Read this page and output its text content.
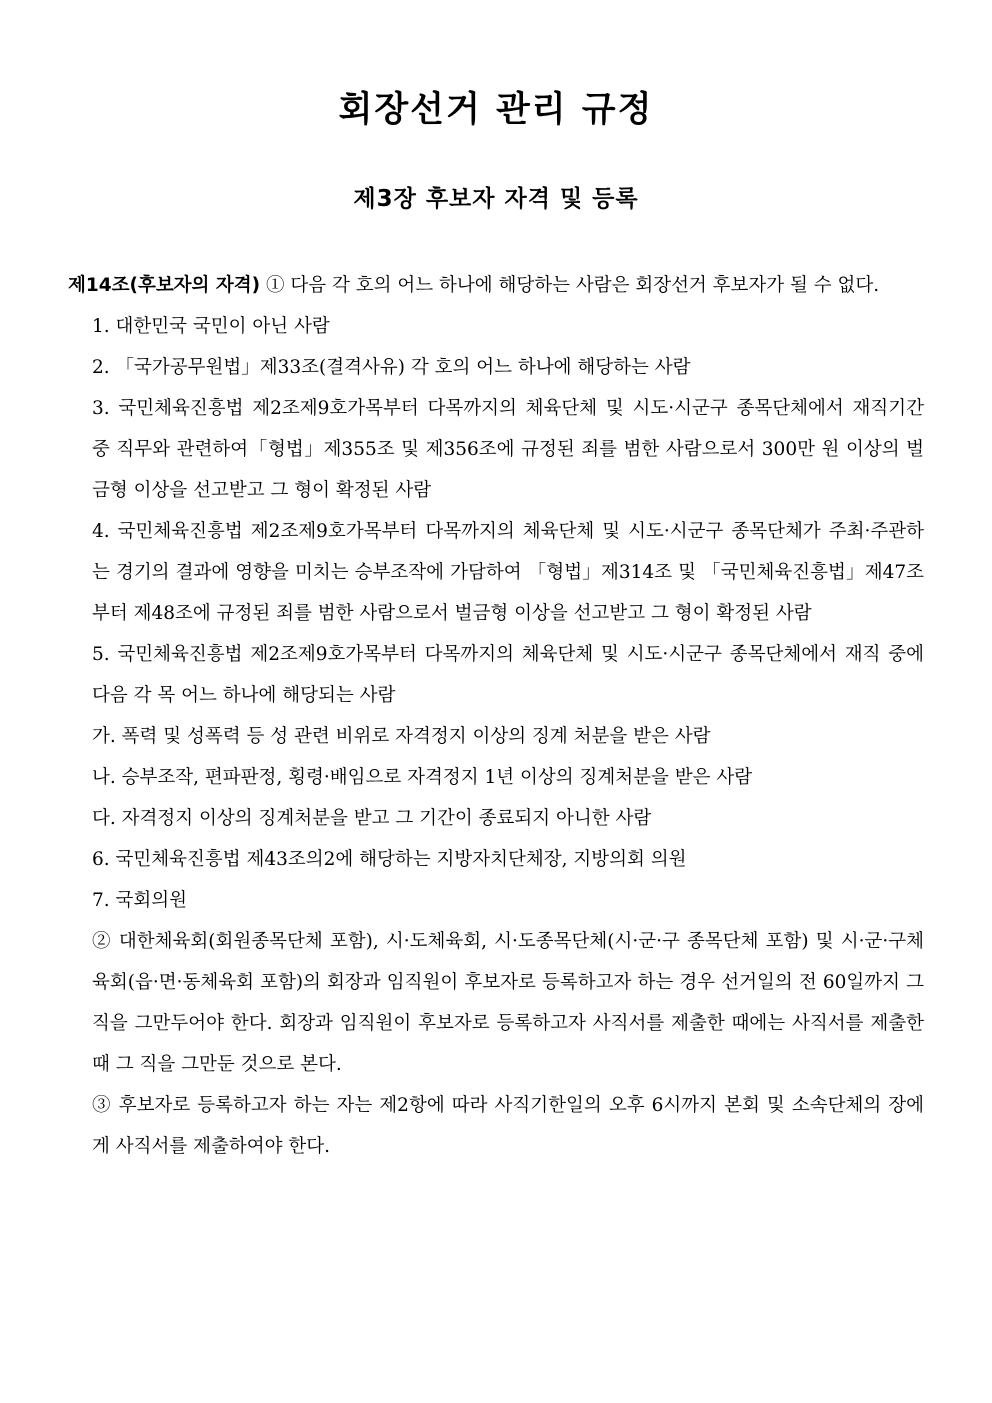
회장선거 관리 규정
제3장 후보자 자격 및 등록

제14조(후보자의 자격) ① 다음 각 호의 어느 하나에 해당하는 사람은 회장선거 후보자가 될 수 없다.

1. 대한민국 국민이 아닌 사람

2. 「국가공무원법」제33조(결격사유) 각 호의 어느 하나에 해당하는 사람

3. 국민체육진흥법 제2조제9호가목부터 다목까지의 체육단체 및 시도·시군구 종목단체에서 재직기간 중 직무와 관련하여「형법」제355조 및 제356조에 규정된 죄를 범한 사람으로서 300만 원 이상의 벌금형 이상을 선고받고 그 형이 확정된 사람

4. 국민체육진흥법 제2조제9호가목부터 다목까지의 체육단체 및 시도·시군구 종목단체가 주최·주관하는 경기의 결과에 영향을 미치는 승부조작에 가담하여 「형법」제314조 및 「국민체육진흥법」제47조부터 제48조에 규정된 죄를 범한 사람으로서 벌금형 이상을 선고받고 그 형이 확정된 사람

5. 국민체육진흥법 제2조제9호가목부터 다목까지의 체육단체 및 시도·시군구 종목단체에서 재직 중에 다음 각 목 어느 하나에 해당되는 사람

가. 폭력 및 성폭력 등 성 관련 비위로 자격정지 이상의 징계 처분을 받은 사람

나. 승부조작, 편파판정, 횡령·배임으로 자격정지 1년 이상의 징계처분을 받은 사람

다. 자격정지 이상의 징계처분을 받고 그 기간이 종료되지 아니한 사람

6. 국민체육진흥법 제43조의2에 해당하는 지방자치단체장, 지방의회 의원

7. 국회의원

② 대한체육회(회원종목단체 포함), 시·도체육회, 시·도종목단체(시·군·구 종목단체 포함) 및 시·군·구체육회(읍·면·동체육회 포함)의 회장과 임직원이 후보자로 등록하고자 하는 경우 선거일의 전 60일까지 그 직을 그만두어야 한다. 회장과 임직원이 후보자로 등록하고자 사직서를 제출한 때에는 사직서를 제출한 때 그 직을 그만둔 것으로 본다.

③ 후보자로 등록하고자 하는 자는 제2항에 따라 사직기한일의 오후 6시까지 본회 및 소속단체의 장에게 사직서를 제출하여야 한다.
